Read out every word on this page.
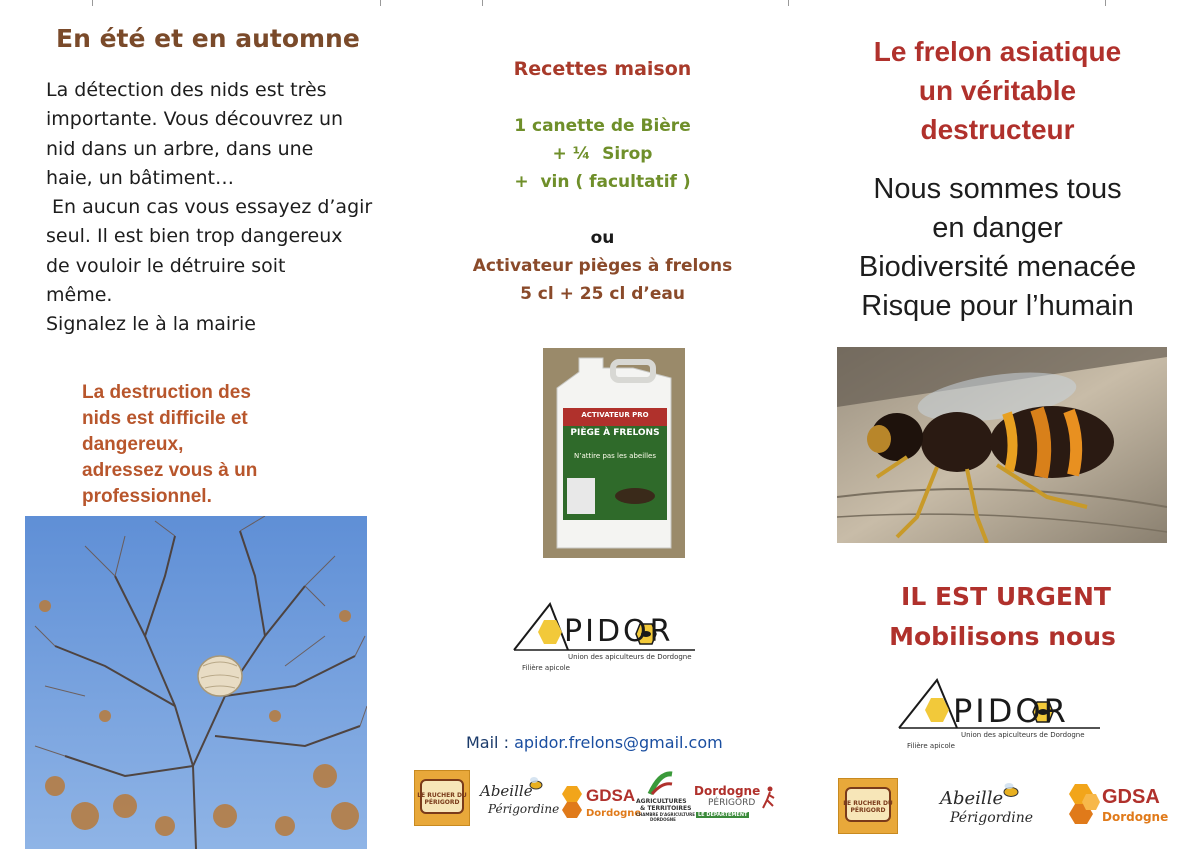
En été et en automne
La détection des nids est très
importante. Vous découvrez un
nid dans un arbre, dans une
haie, un bâtiment…
En aucun cas vous essayez d’agir
seul. Il est bien trop dangereux
de vouloir le détruire soit
même.
Signalez le à la mairie
La destruction des
nids est difficile et
dangereux,
adressez vous à un
professionnel.
Recettes maison
1 canette de Bière
+ ¼  Sirop
+  vin ( facultatif )
ou
Activateur pièges à frelons
5 cl + 25 cl d’eau
ACTIVATEUR PRO
PIÈGE À FRELONS
N’attire pas les abeilles
PIDOR
Union des apiculteurs de Dordogne
Filière apicole
Mail : apidor.frelons@gmail.com
LE RUCHER DU PÉRIGORD
Abeille
Périgordine
GDSA
Dordogne
AGRICULTURES
& TERRITOIRES
CHAMBRE D'AGRICULTURE
DORDOGNE
Dordogne
PÉRIGORD
LE DÉPARTEMENT
Le frelon asiatique
un véritable
destructeur
Nous sommes tous
en danger
Biodiversité menacée
Risque pour l’humain
IL EST URGENT
Mobilisons nous
PIDOR
Union des apiculteurs de Dordogne
Filière apicole
LE RUCHER DU PÉRIGORD
Abeille
Périgordine
GDSA
Dordogne
